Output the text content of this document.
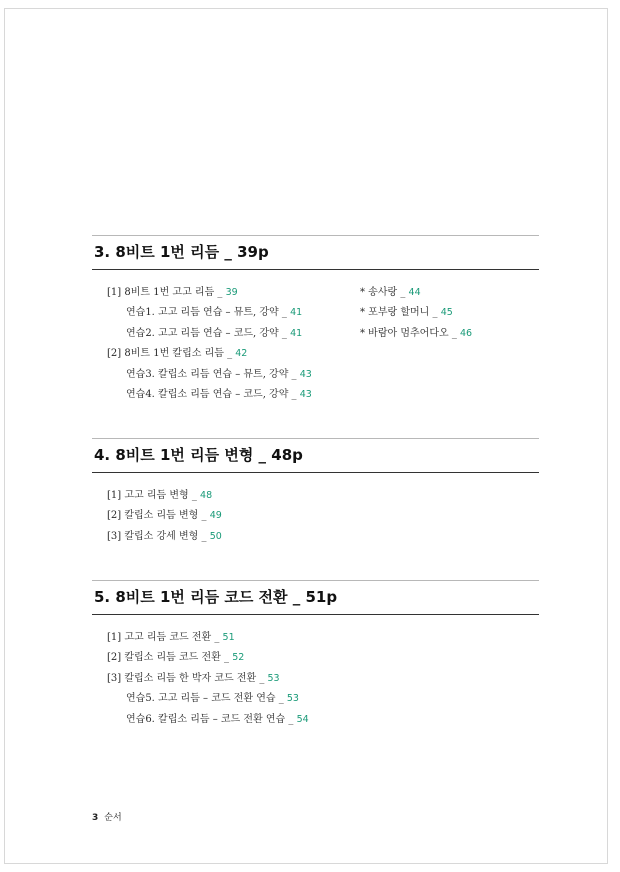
3. 8비트 1번 리듬 _ 39p
[1] 8비트 1번 고고 리듬 _ 39
연습1. 고고 리듬 연습 – 뮤트, 강약 _ 41
연습2. 고고 리듬 연습 – 코드, 강약 _ 41
[2] 8비트 1번 칼립소 리듬 _ 42
연습3. 칼립소 리듬 연습 – 뮤트, 강약 _ 43
연습4. 칼립소 리듬 연습 – 코드, 강약 _ 43
* 송사랑 _ 44
* 포부랑 할머니 _ 45
* 바람아 멈추어다오 _ 46
4. 8비트 1번 리듬 변형 _ 48p
[1] 고고 리듬 변형 _ 48
[2] 칼립소 리듬 변형 _ 49
[3] 칼립소 강세 변형 _ 50
5. 8비트 1번 리듬 코드 전환 _ 51p
[1] 고고 리듬 코드 전환 _ 51
[2] 칼립소 리듬 코드 전환 _ 52
[3] 칼립소 리듬 한 박자 코드 전환 _ 53
연습5. 고고 리듬 – 코드 전환 연습 _ 53
연습6. 칼립소 리듬 – 코드 전환 연습 _ 54
3 순서
